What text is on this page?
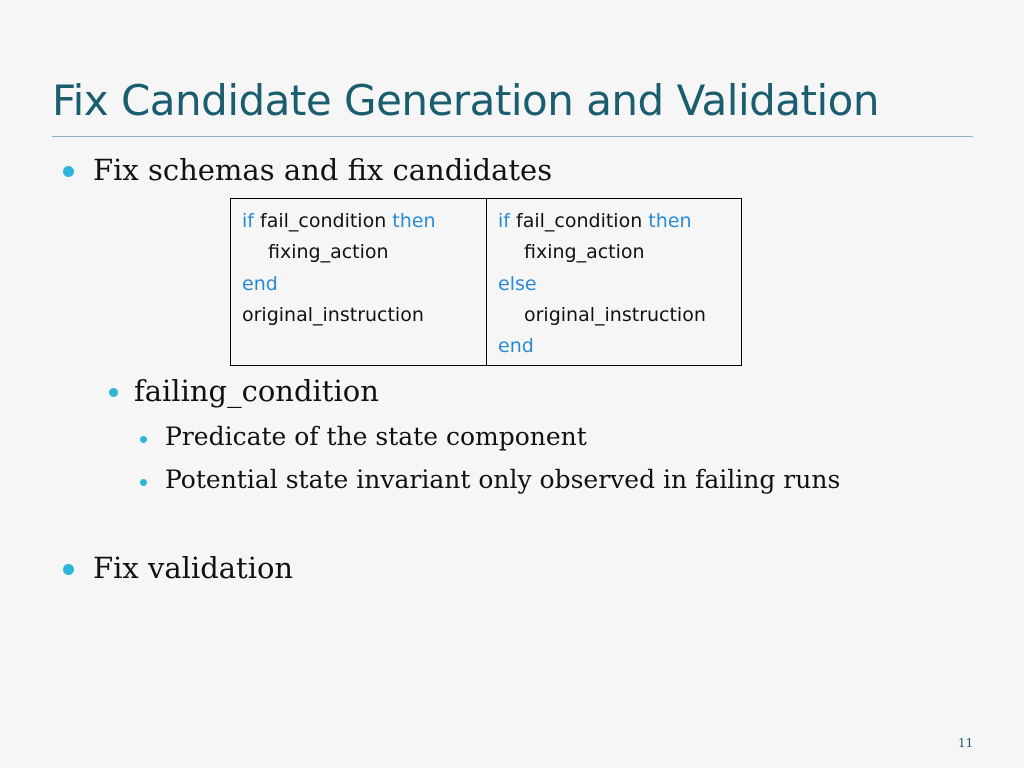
Fix Candidate Generation and Validation
Fix schemas and fix candidates
if fail_condition then
fixing_action
end
original_instruction
if fail_condition then
fixing_action
else
original_instruction
end
failing_condition
Predicate of the state component
Potential state invariant only observed in failing runs
Fix validation
11
